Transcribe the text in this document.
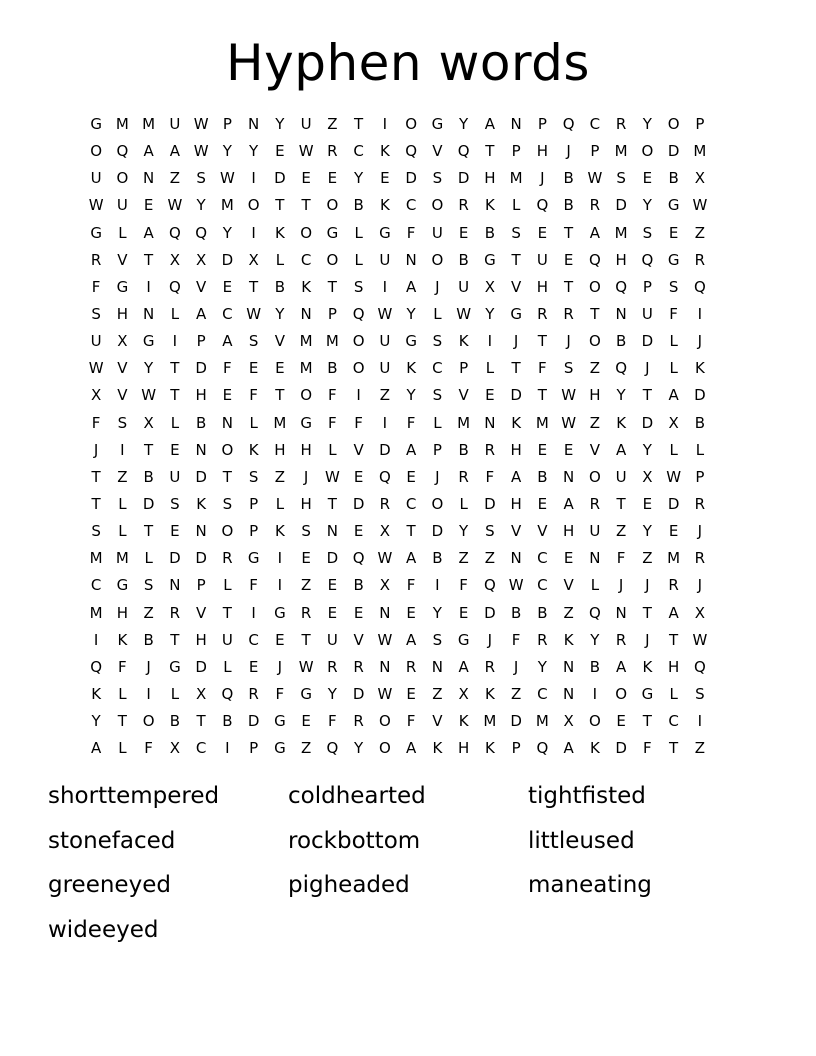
Hyphen words
G M M U W P	N	Y	U	Z	T	I	O G	Y	A	N	P	Q	C	R	Y	O	P
O Q	A	A W Y	Y	E W R	C	K	Q	V	Q	T	P	H	J	P	M O D M
U O N	Z	S W	I	D	E	E	Y	E	D	S	D H M	J	B W S	E	B	X
W U	E W Y	M O	T	T	O	B	K	C	O	R	K	L	Q	B	R	D	Y	G W
G	L	A	Q Q	Y	I	K	O G	L	G	F	U	E	B	S	E	T	A M	S	E	Z
R	V	T	X	X	D	X	L	C	O	L	U	N O	B	G	T	U	E	Q H Q G	R
F	G	I	Q	V	E	T	B	K	T	S	I	A	J	U	X	V	H	T	O Q	P	S	Q
S	H N	L	A	C W Y	N	P	Q W Y	L W Y	G	R	R	T	N	U	F	I
U	X	G	I	P	A	S	V M M O U G	S	K	I	J	T	J	O	B	D	L	J
W V	Y	T	D	F	E	E	M B	O U	K	C	P	L	T	F	S	Z	Q	J	L	K
X	V W T	H	E	F	T	O	F	I	Z	Y	S	V	E	D	T W H	Y	T	A	D
F	S	X	L	B	N	L	M G	F	F	I	F	L	M N	K M W Z	K	D	X	B
J	I	T	E	N O	K	H H	L	V	D	A	P	B	R	H	E	E	V	A	Y	L	L
T	Z	B	U D	T	S	Z	J	W E	Q	E	J	R	F	A	B	N O U	X W P
T	L	D	S	K	S	P	L	H	T	D	R	C	O	L	D H	E	A	R	T	E	D	R
S	L	T	E	N O	P	K	S	N	E	X	T	D	Y	S	V	V	H	U	Z	Y	E	J
M M	L	D D	R	G	I	E	D Q W A	B	Z	Z	N	C	E	N	F	Z M R
C	G	S	N	P	L	F	I	Z	E	B	X	F	I	F	Q W C	V	L	J	J	R	J
M H	Z	R	V	T	I	G	R	E	E	N	E	Y	E	D	B	B	Z	Q N	T	A	X
I	K	B	T	H	U	C	E	T	U	V W A	S	G	J	F	R	K	Y	R	J	T W
Q	F	J	G D	L	E	J	W R	R	N	R	N	A	R	J	Y	N	B	A	K	H Q
K	L	I	L	X	Q	R	F	G	Y	D W E	Z	X	K	Z	C	N	I	O G	L	S
Y	T	O	B	T	B	D G	E	F	R	O	F	V	K M D M X	O	E	T	C	I
A	L	F	X	C	I	P	G	Z	Q	Y	O	A	K	H	K	P	Q	A	K	D	F	T	Z
shorttempered	coldhearted	tightfisted
stonefaced	rockbottom	littleused
greeneyed	pigheaded	maneating
wideeyed
